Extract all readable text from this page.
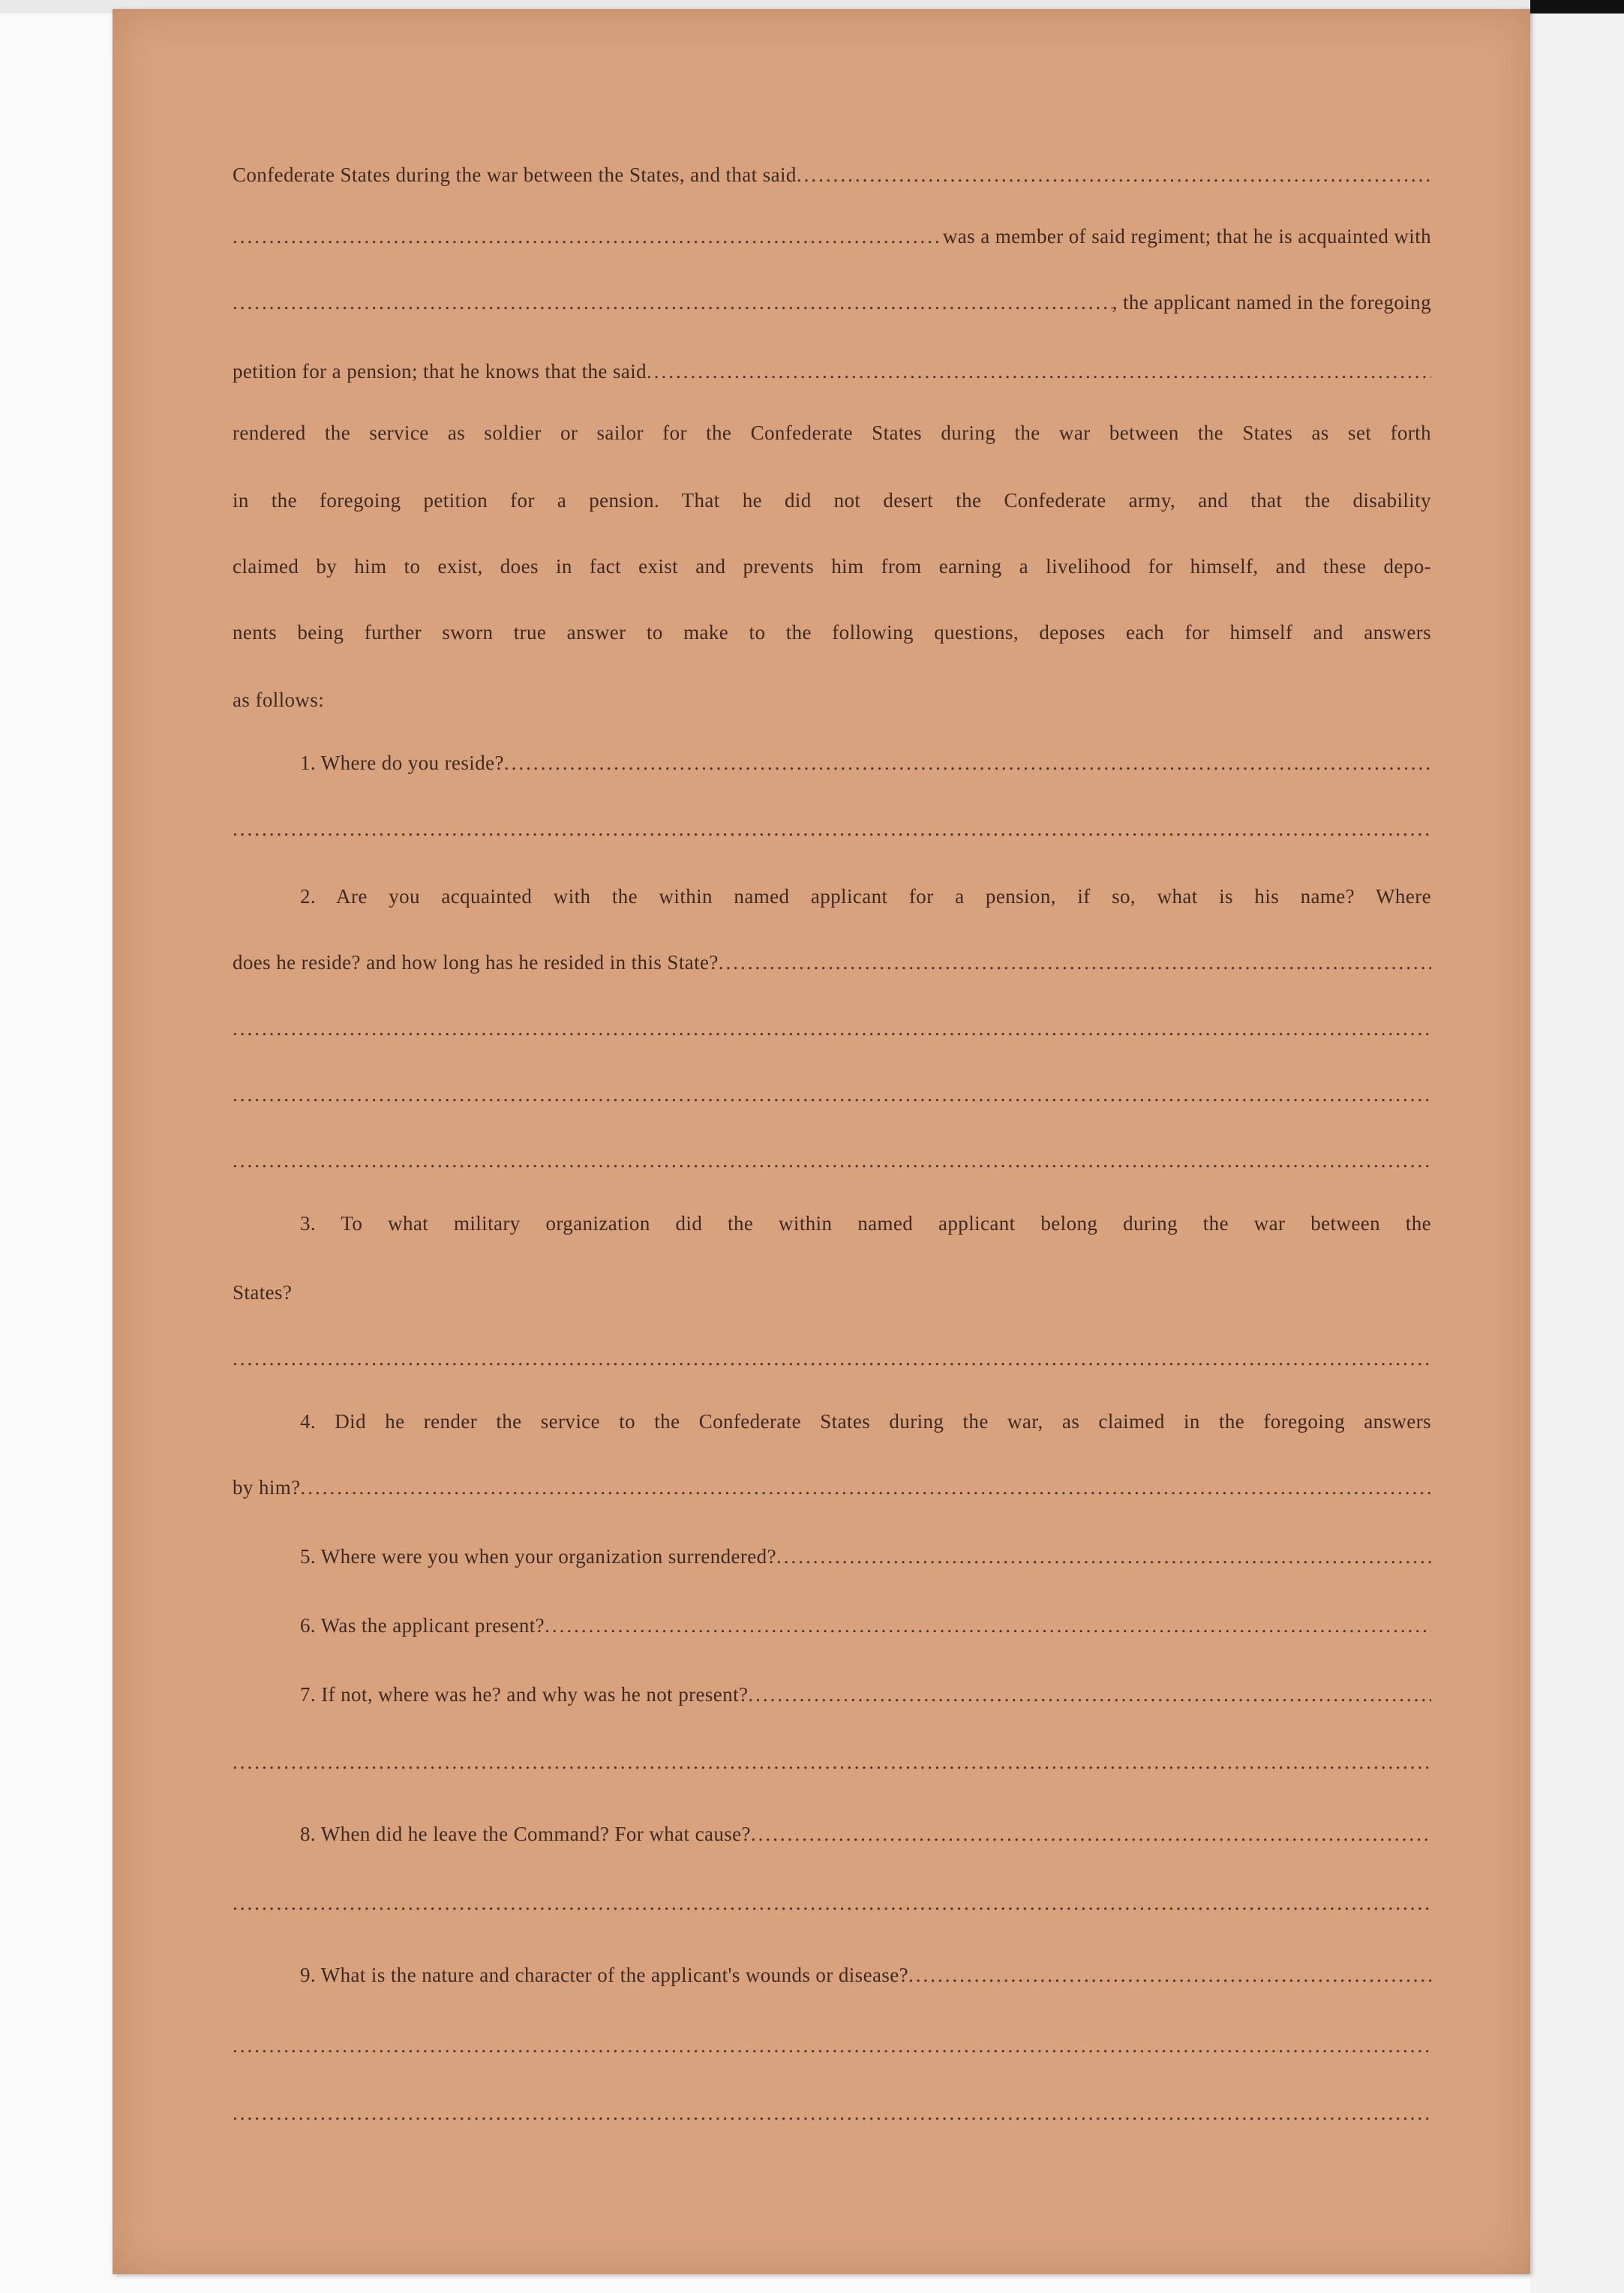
Confederate States during the war between the States, and that said
.....
.....
was a member of said regiment; that he is acquainted with
.....
, the applicant named in the foregoing
petition for a pension; that he knows that the said
.....
rendered the service as soldier or sailor for the Confederate States during the war between the States as set forth
in the foregoing petition for a pension. That he did not desert the Confederate army, and that the disability
claimed by him to exist, does in fact exist and prevents him from earning a livelihood for himself, and these depo-
nents being further sworn true answer to make to the following questions, deposes each for himself and answers
as follows:
1. Where do you reside?
.....
.....
2. Are you acquainted with the within named applicant for a pension, if so, what is his name? Where
does he reside? and how long has he resided in this State?
.....
.....
.....
.....
3. To what military organization did the within named applicant belong during the war between the
States?
.....
4. Did he render the service to the Confederate States during the war, as claimed in the foregoing answers
by him?
.....
5. Where were you when your organization surrendered?
.....
6. Was the applicant present?
.....
7. If not, where was he? and why was he not present?
.....
.....
8. When did he leave the Command? For what cause?
.....
.....
9. What is the nature and character of the applicant's wounds or disease?
.....
.....
.....
